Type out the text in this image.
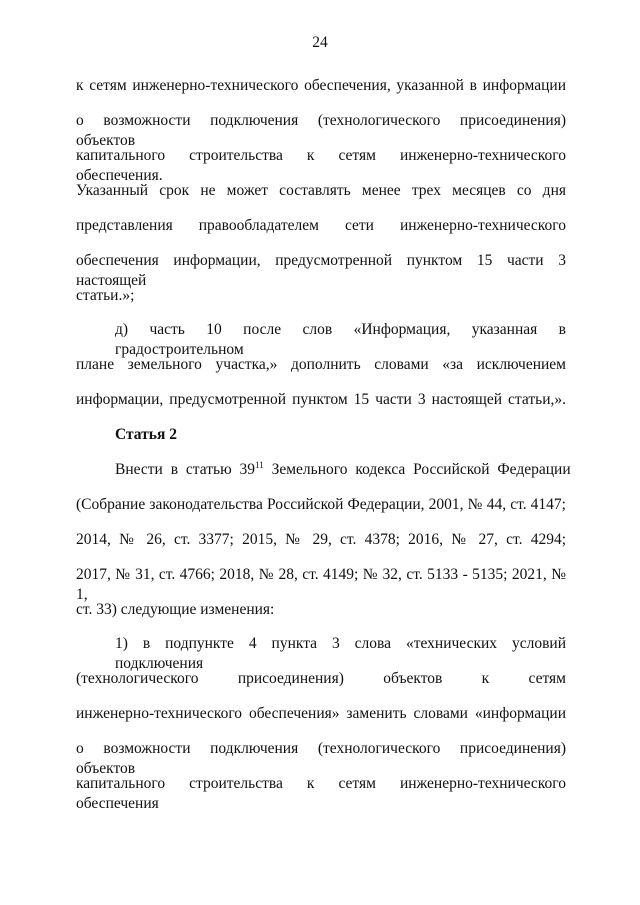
24
к сетям инженерно-технического обеспечения, указанной в информации
о возможности подключения (технологического присоединения) объектов
капитального строительства к сетям инженерно-технического обеспечения.
Указанный срок не может составлять менее трех месяцев со дня
представления правообладателем сети инженерно-технического
обеспечения информации, предусмотренной пунктом 15 части 3 настоящей
статьи.»;
д) часть 10 после слов «Информация, указанная в градостроительном
плане земельного участка,» дополнить словами «за исключением
информации, предусмотренной пунктом 15 части 3 настоящей статьи,».
Статья 2
Внести в статью $39^{11}$ Земельного кодекса Российской Федерации
(Собрание законодательства Российской Федерации, 2001, № 44, ст. 4147;
2014, № 26, ст. 3377; 2015, № 29, ст. 4378; 2016, № 27, ст. 4294;
2017, № 31, ст. 4766; 2018, № 28, ст. 4149; № 32, ст. 5133 - 5135; 2021, № 1,
ст. 33) следующие изменения:
1) в подпункте 4 пункта 3 слова «технических условий подключения
(технологического присоединения) объектов к сетям
инженерно-технического обеспечения» заменить словами «информации
о возможности подключения (технологического присоединения) объектов
капитального строительства к сетям инженерно-технического обеспечения
